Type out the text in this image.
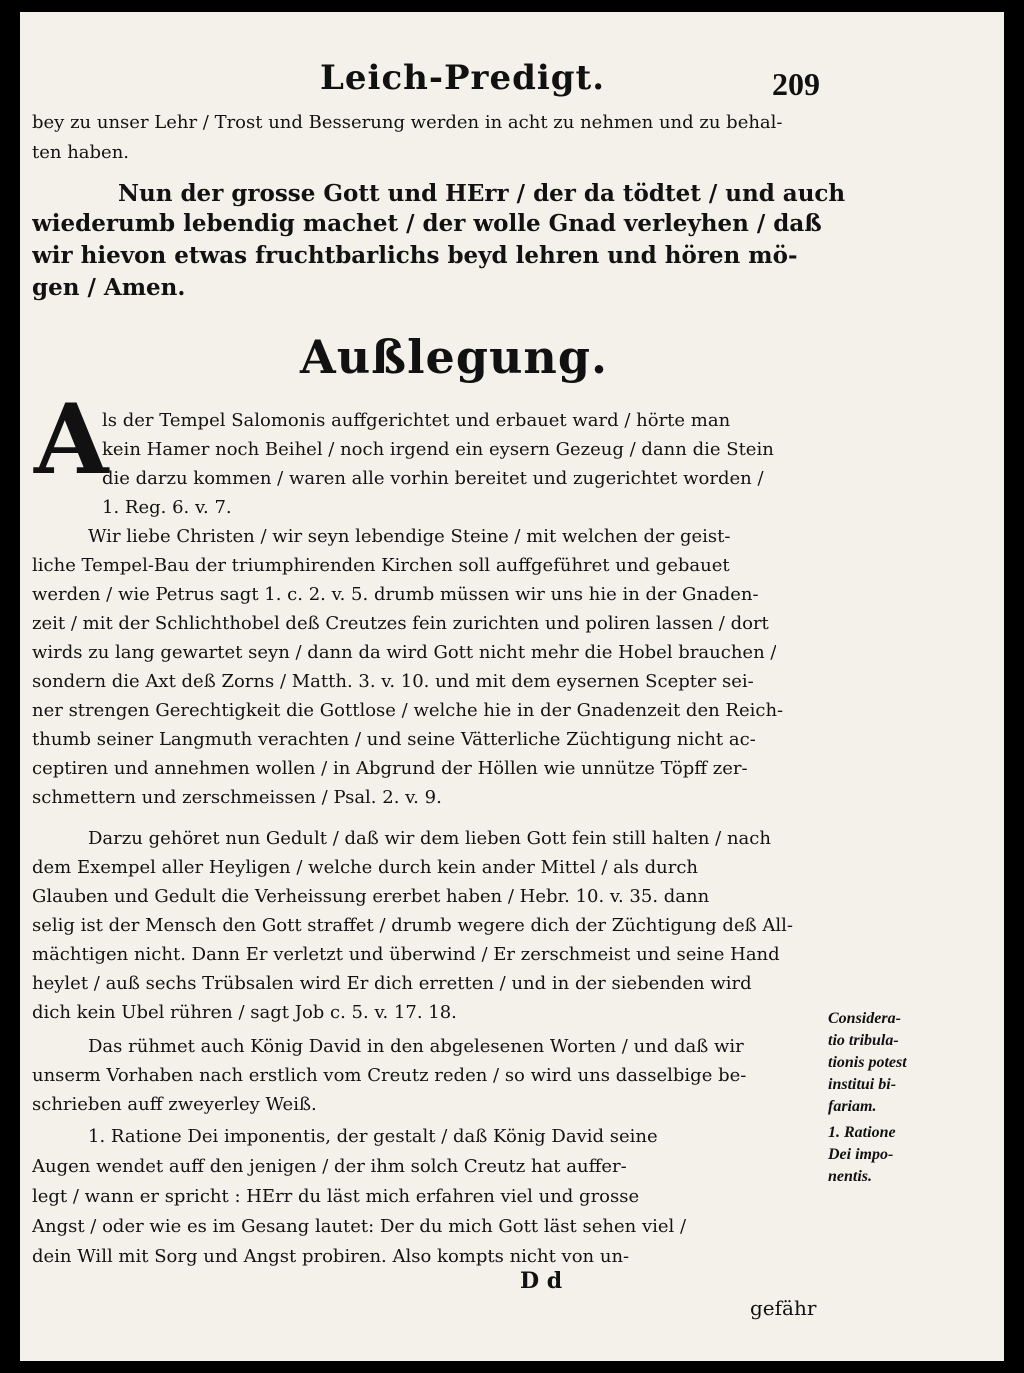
Leich-Predigt.	209
bey zu unser Lehr / Trost und Besserung werden in acht zu nehmen und zu behal-
ten haben.
Nun der grosse Gott und HErr / der da tödtet / und auch
wiederumb lebendig machet / der wolle Gnad verleyhen / daß
wir hievon etwas fruchtbarlichs beyd lehren und hören mö-
gen / Amen.
Außlegung.
A
ls der Tempel Salomonis auffgerichtet und erbauet ward / hörte man
kein Hamer noch Beihel / noch irgend ein eysern Gezeug / dann die Stein
die darzu kommen / waren alle vorhin bereitet und zugerichtet worden /
1. Reg. 6. v. 7.
Wir liebe Christen / wir seyn lebendige Steine / mit welchen der geist-
liche Tempel-Bau der triumphirenden Kirchen soll auffgeführet und gebauet
werden / wie Petrus sagt 1. c. 2. v. 5. drumb müssen wir uns hie in der Gnaden-
zeit / mit der Schlichthobel deß Creutzes fein zurichten und poliren lassen / dort
wirds zu lang gewartet seyn / dann da wird Gott nicht mehr die Hobel brauchen /
sondern die Axt deß Zorns / Matth. 3. v. 10. und mit dem eysernen Scepter sei-
ner strengen Gerechtigkeit die Gottlose / welche hie in der Gnadenzeit den Reich-
thumb seiner Langmuth verachten / und seine Vätterliche Züchtigung nicht ac-
ceptiren und annehmen wollen / in Abgrund der Höllen wie unnütze Töpff zer-
schmettern und zerschmeissen / Psal. 2. v. 9.
Darzu gehöret nun Gedult / daß wir dem lieben Gott fein still halten / nach
dem Exempel aller Heyligen / welche durch kein ander Mittel / als durch
Glauben und Gedult die Verheissung ererbet haben / Hebr. 10. v. 35. dann
selig ist der Mensch den Gott straffet / drumb wegere dich der Züchtigung deß All-
mächtigen nicht. Dann Er verletzt und überwind / Er zerschmeist und seine Hand
heylet / auß sechs Trübsalen wird Er dich erretten / und in der siebenden wird
dich kein Ubel rühren / sagt Job c. 5. v. 17. 18.
Das rühmet auch König David in den abgelesenen Worten / und daß wir
unserm Vorhaben nach erstlich vom Creutz reden / so wird uns dasselbige be-
schrieben auff zweyerley Weiß.
1. Ratione Dei imponentis, der gestalt / daß König David seine
Augen wendet auff den jenigen / der ihm solch Creutz hat auffer-
legt / wann er spricht : HErr du läst mich erfahren viel und grosse
Angst / oder wie es im Gesang lautet: Der du mich Gott läst sehen viel /
dein Will mit Sorg und Angst probiren. Also kompts nicht von un-
Considera-
tio tribula-
tionis potest
institui bi-
fariam.
1. Ratione
Dei impo-
nentis.
D d
gefähr
